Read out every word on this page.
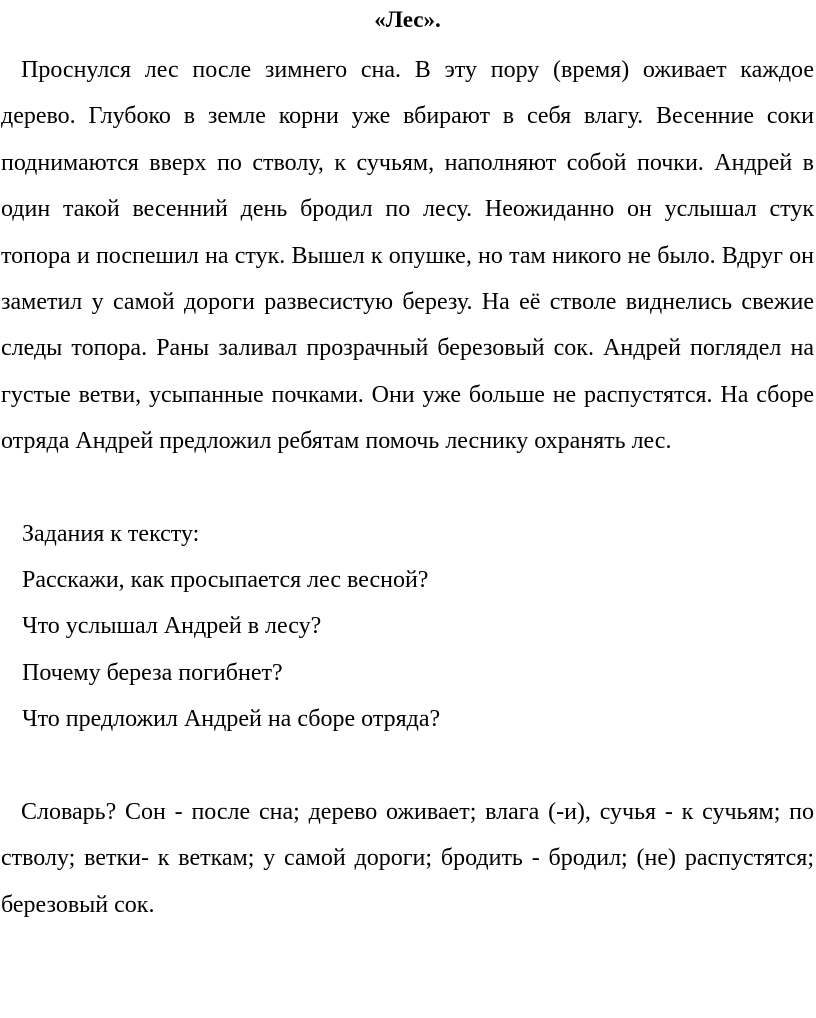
«Лес».

Проснулся лес после зимнего сна. В эту пору (время) оживает каждое дерево. Глубоко в земле корни уже вбирают в себя влагу. Весенние соки поднимаются вверх по стволу, к сучьям, наполняют собой почки. Андрей в один такой весенний день бродил по лесу. Неожиданно он услышал стук топора и поспешил на стук. Вышел к опушке, но там никого не было. Вдруг он заметил у самой дороги развесистую березу. На её стволе виднелись свежие следы топора. Раны заливал прозрачный березовый сок. Андрей поглядел на густые ветви, усыпанные почками. Они уже больше не распустятся. На сборе отряда Андрей предложил ребятам помочь леснику охранять лес.

Задания к тексту:
Расскажи, как просыпается лес весной?
Что услышал Андрей в лесу?
Почему береза погибнет?
Что предложил Андрей на сборе отряда?

Словарь? Сон - после сна; дерево оживает; влага (-и), сучья - к сучьям; по стволу; ветки- к веткам; у самой дороги; бродить - бродил; (не) распустятся; березовый сок.
